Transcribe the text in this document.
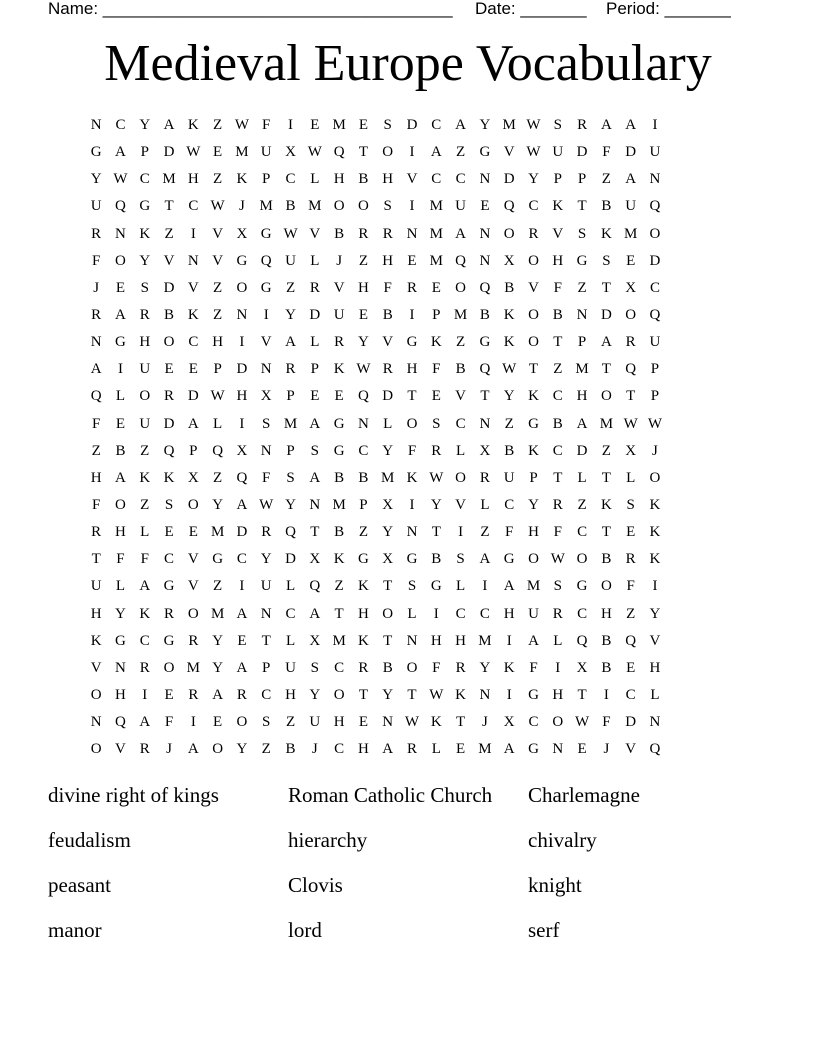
Name: _____________________________________ Date: _______ Period: _______
Medieval Europe Vocabulary
N C Y A K Z W F	I	E M E	S D C A Y M W S	R A A	I
G A P D W E M U X W Q T O	I	A Z G V W U D F D U
Y W C M H Z K P	C L H B H V C C N D Y P	P	Z A N
U Q G T C W J M B M O O S	I	M U E Q C K T B U Q
R N K Z	I	V X G W V B R R N M A N O R V S K M O
F O Y V N V G Q U L	J	Z H E M Q N X O H G S	E D
J	E	S D V Z O G Z R V H F	R E O Q B V F	Z	T X C
R A R B K Z N	I	Y D U E B	I	P M B K O B N D O Q
N G H O C H	I	V A L R Y V G K Z G K O T	P A R U
A	I	U E	E	P D N R	P K W R H F	B Q W T	Z M T Q P
Q L O R D W H X P	E	E Q D T	E V T Y K C H O T	P
F	E U D A L	I	S M A G N L O S	C N Z G B A M W W
Z B Z Q P Q X N P	S G C Y F	R L X B K C D Z X	J
H A K K X Z Q F	S A B B M K W O R U P	T	L	T	L O
F O Z	S O Y A W Y N M P X	I	Y V L C Y R Z K S K
R H L	E	E M D R Q T B Z Y N T	I	Z	F H F	C T	E K
T	F	F	C V G C Y D X K G X G B	S A G O W O B R K
U L A G V Z	I	U L Q Z K T	S G L	I	A M S G O F	I
H Y K R O M A N C A T H O L	I	C C H U R C H Z Y
K G C G R Y E	T	L X M K T N H H M	I	A L Q B Q V
V N R O M Y A P U S	C R B O F	R Y K F	I	X B E H
O H	I	E R A R C H Y O T Y T W K N	I	G H T	I	C L
N Q A F	I	E O S	Z U H E N W K T	J	X C O W F D N
O V R	J	A O Y Z B	J	C H A R L	E M A G N E	J	V Q
divine right of kings	Roman Catholic Church	Charlemagne
feudalism	hierarchy	chivalry
peasant	Clovis	knight
manor	lord	serf
